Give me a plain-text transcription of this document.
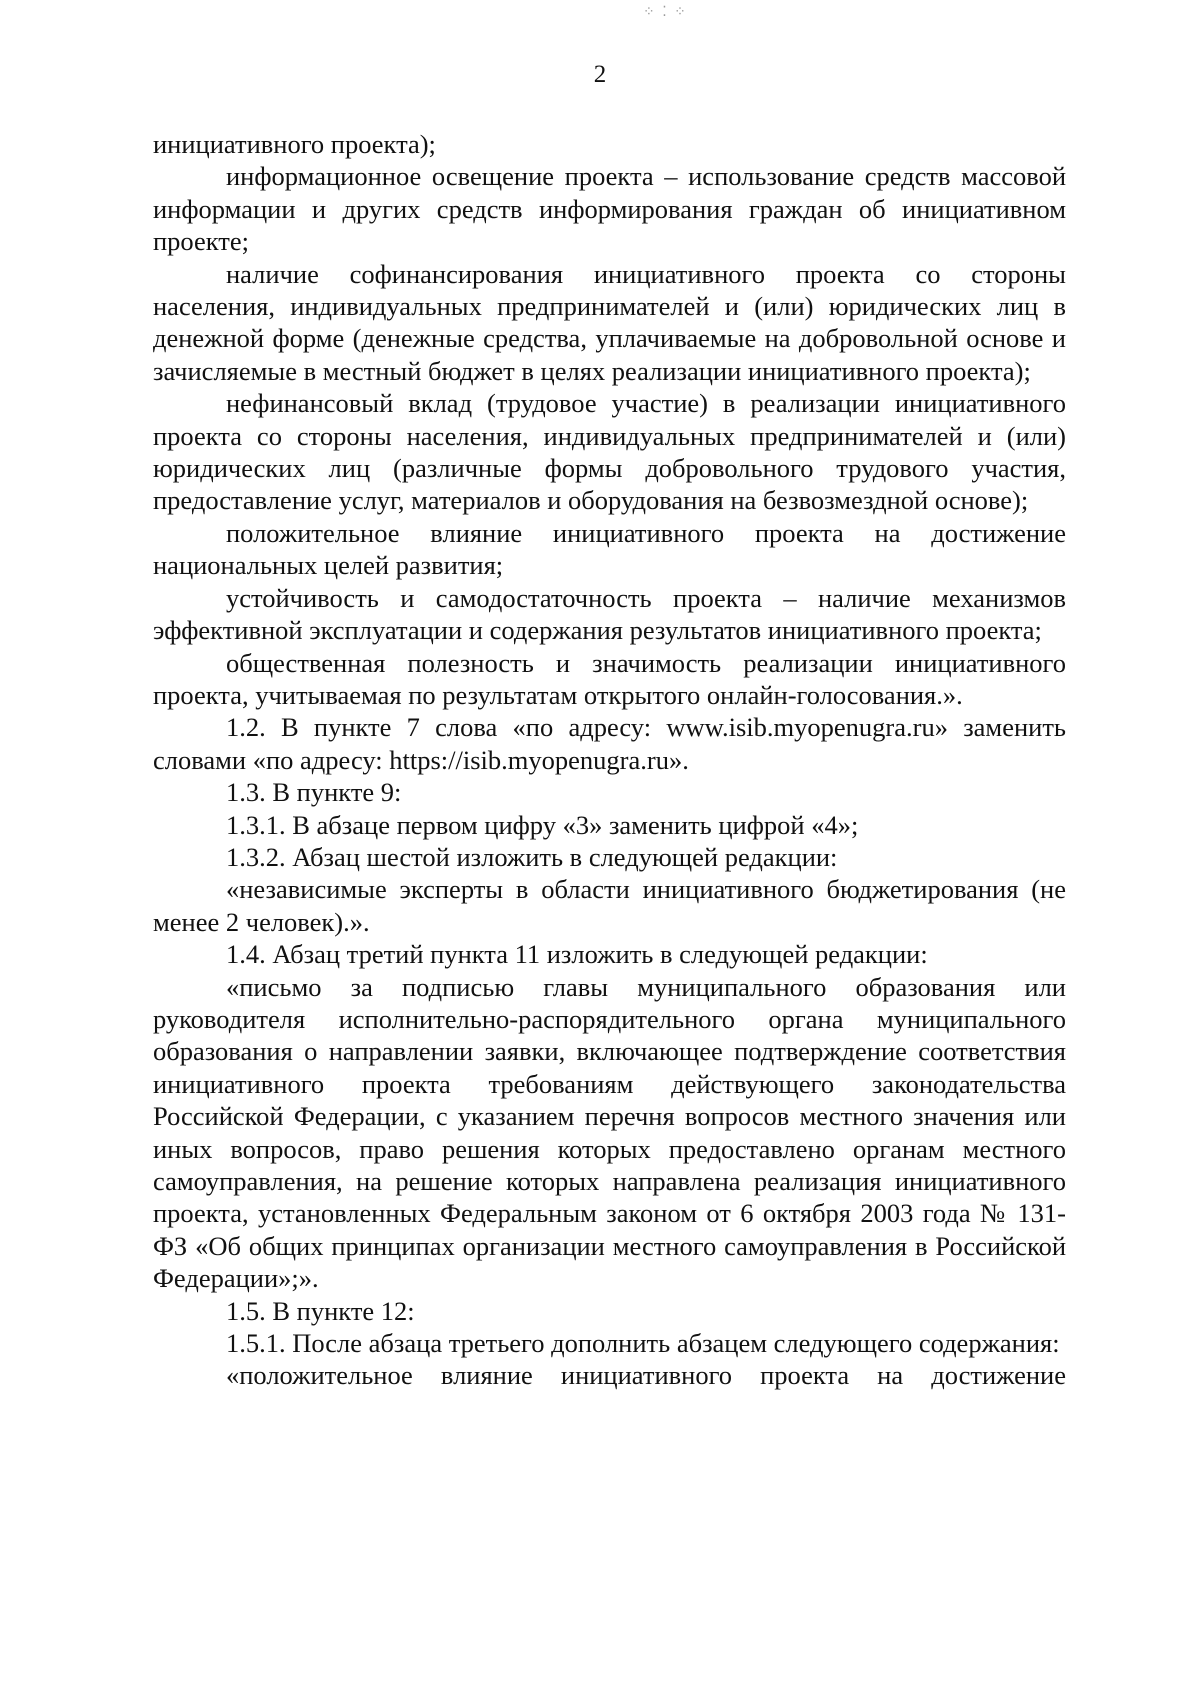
⁘ ⁚ ⁘
2

инициативного проекта);

информационное освещение проекта – использование средств массовой информации и других средств информирования граждан об инициативном проекте;

наличие софинансирования инициативного проекта со стороны населения, индивидуальных предпринимателей и (или) юридических лиц в денежной форме (денежные средства, уплачиваемые на добровольной основе и зачисляемые в местный бюджет в целях реализации инициативного проекта);

нефинансовый вклад (трудовое участие) в реализации инициативного проекта со стороны населения, индивидуальных предпринимателей и (или) юридических лиц (различные формы добровольного трудового участия, предоставление услуг, материалов и оборудования на безвозмездной основе);

положительное влияние инициативного проекта на достижение национальных целей развития;

устойчивость и самодостаточность проекта – наличие механизмов эффективной эксплуатации и содержания результатов инициативного проекта;

общественная полезность и значимость реализации инициативного проекта, учитываемая по результатам открытого онлайн-голосования.».

1.2. В пункте 7 слова «по адресу: www.isib.myopenugra.ru» заменить словами «по адресу: https://isib.myopenugra.ru».

1.3. В пункте 9:

1.3.1. В абзаце первом цифру «3» заменить цифрой «4»;

1.3.2. Абзац шестой изложить в следующей редакции:

«независимые эксперты в области инициативного бюджетирования (не менее 2 человек).».

1.4. Абзац третий пункта 11 изложить в следующей редакции:

«письмо за подписью главы муниципального образования или руководителя исполнительно-распорядительного органа муниципального образования о направлении заявки, включающее подтверждение соответствия инициативного проекта требованиям действующего законодательства Российской Федерации, с указанием перечня вопросов местного значения или иных вопросов, право решения которых предоставлено органам местного самоуправления, на решение которых направлена реализация инициативного проекта, установленных Федеральным законом от 6 октября 2003 года № 131-ФЗ «Об общих принципах организации местного самоуправления в Российской Федерации»;».

1.5. В пункте 12:

1.5.1. После абзаца третьего дополнить абзацем следующего содержания:

«положительное влияние инициативного проекта на достижение
